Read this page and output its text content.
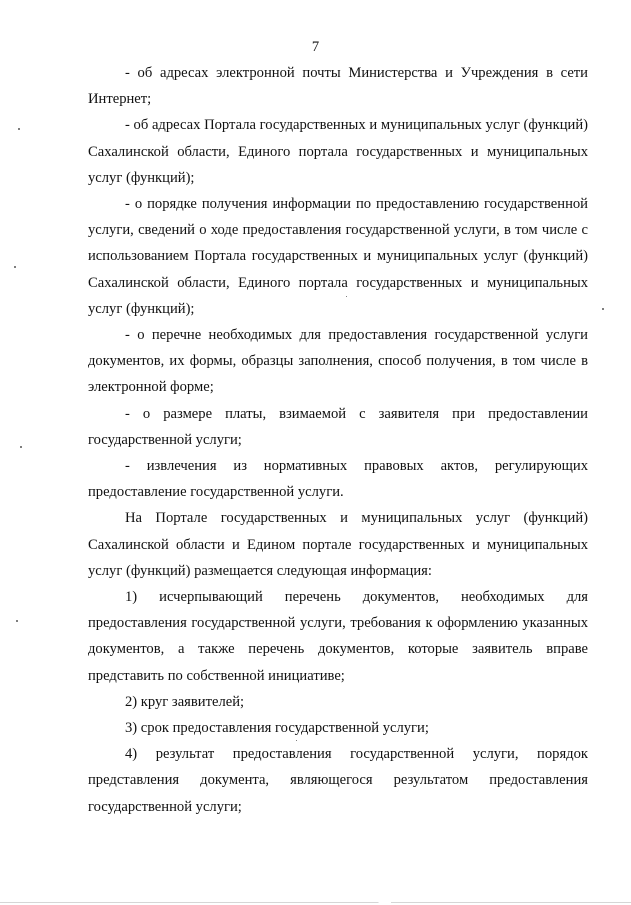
7

- об адресах электронной почты Министерства и Учреждения в сети Интернет;

- об адресах Портала государственных и муниципальных услуг (функций) Сахалинской области, Единого портала государственных и муниципальных услуг (функций);

- о порядке получения информации по предоставлению государственной услуги, сведений о ходе предоставления государственной услуги, в том числе с использованием Портала государственных и муниципальных услуг (функций) Сахалинской области, Единого портала государственных и муниципальных услуг (функций);

- о перечне необходимых для предоставления государственной услуги документов, их формы, образцы заполнения, способ получения, в том числе в электронной форме;

- о размере платы, взимаемой с заявителя при предоставлении государственной услуги;

- извлечения из нормативных правовых актов, регулирующих предоставление государственной услуги.

На Портале государственных и муниципальных услуг (функций) Сахалинской области и Едином портале государственных и муниципальных услуг (функций) размещается следующая информация:

1) исчерпывающий перечень документов, необходимых для предоставления государственной услуги, требования к оформлению указанных документов, а также перечень документов, которые заявитель вправе представить по собственной инициативе;

2) круг заявителей;

3) срок предоставления государственной услуги;

4) результат предоставления государственной услуги, порядок представления документа, являющегося результатом предоставления государственной услуги;
